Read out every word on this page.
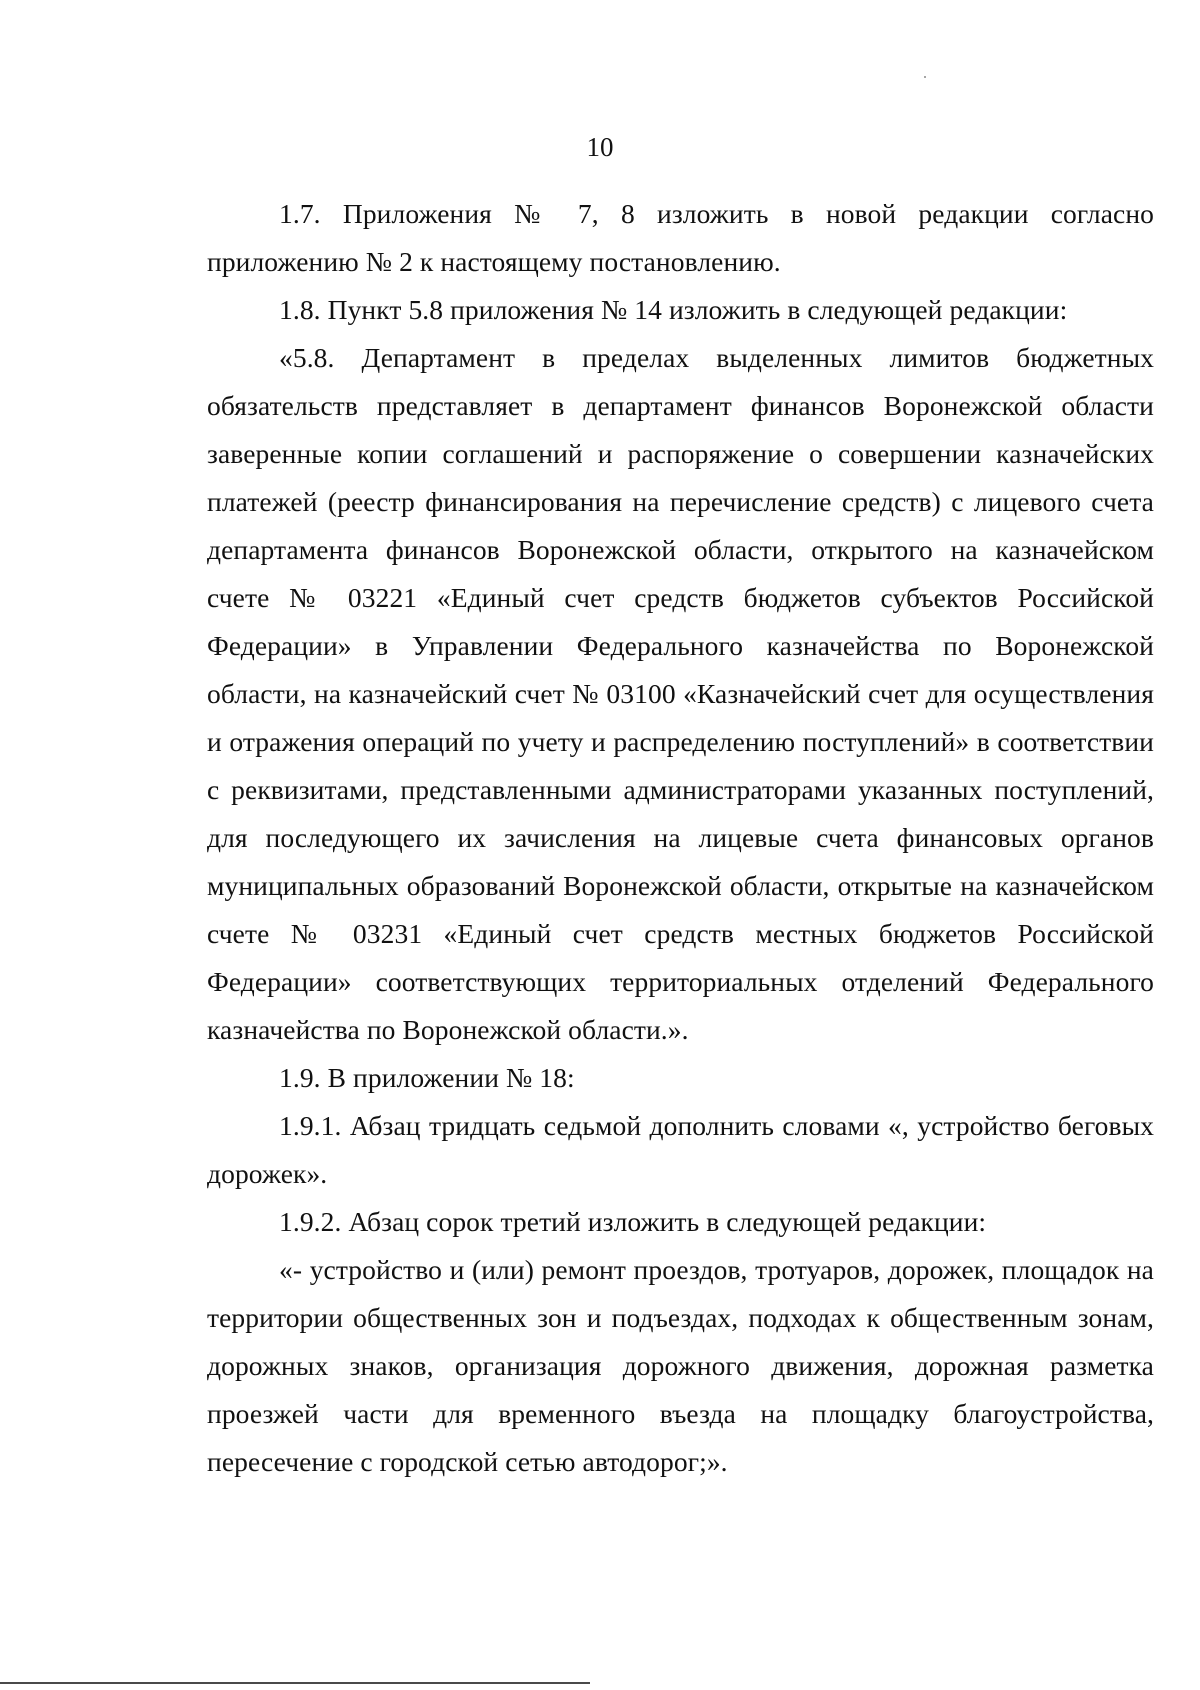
10

1.7. Приложения № 7, 8 изложить в новой редакции согласно приложению № 2 к настоящему постановлению.

1.8. Пункт 5.8 приложения № 14 изложить в следующей редакции:

«5.8. Департамент в пределах выделенных лимитов бюджетных обязательств представляет в департамент финансов Воронежской области заверенные копии соглашений и распоряжение о совершении казначейских платежей (реестр финансирования на перечисление средств) с лицевого счета департамента финансов Воронежской области, открытого на казначейском счете № 03221 «Единый счет средств бюджетов субъектов Российской Федерации» в Управлении Федерального казначейства по Воронежской области, на казначейский счет № 03100 «Казначейский счет для осуществления и отражения операций по учету и распределению поступлений» в соответствии с реквизитами, представленными администраторами указанных поступлений, для последующего их зачисления на лицевые счета финансовых органов муниципальных образований Воронежской области, открытые на казначейском счете № 03231 «Единый счет средств местных бюджетов Российской Федерации» соответствующих территориальных отделений Федерального казначейства по Воронежской области.».

1.9. В приложении № 18:

1.9.1. Абзац тридцать седьмой дополнить словами «, устройство беговых дорожек».

1.9.2. Абзац сорок третий изложить в следующей редакции:

«- устройство и (или) ремонт проездов, тротуаров, дорожек, площадок на территории общественных зон и подъездах, подходах к общественным зонам, дорожных знаков, организация дорожного движения, дорожная разметка проезжей части для временного въезда на площадку благоустройства, пересечение с городской сетью автодорог;».
